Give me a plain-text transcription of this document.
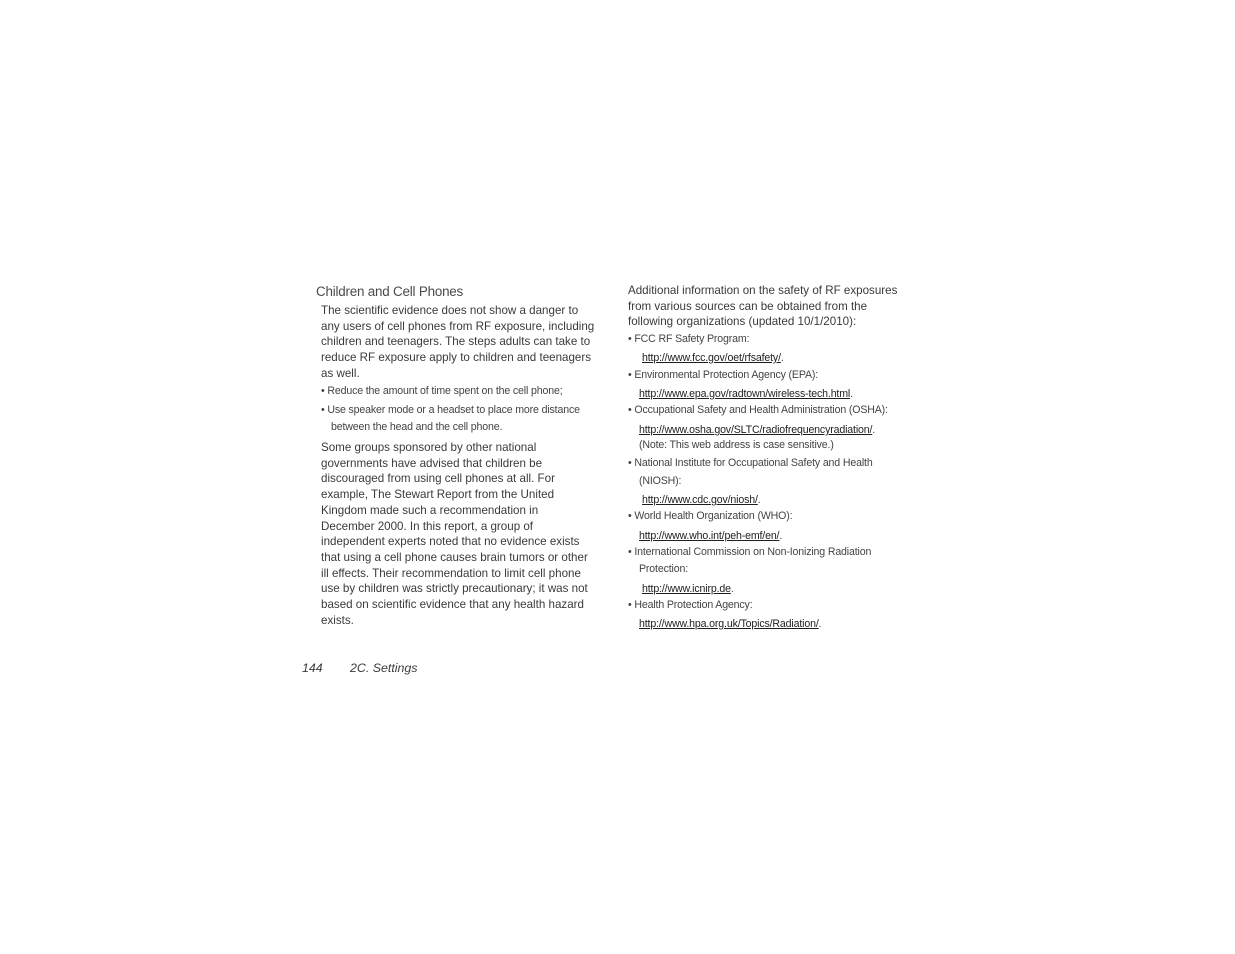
Children and Cell Phones
The scientific evidence does not show a danger to
any users of cell phones from RF exposure, including
children and teenagers. The steps adults can take to
reduce RF exposure apply to children and teenagers
as well.
• Reduce the amount of time spent on the cell phone;
• Use speaker mode or a headset to place more distance
between the head and the cell phone.
Some groups sponsored by other national
governments have advised that children be
discouraged from using cell phones at all. For
example, The Stewart Report from the United
Kingdom made such a recommendation in
December 2000. In this report, a group of
independent experts noted that no evidence exists
that using a cell phone causes brain tumors or other
ill effects. Their recommendation to limit cell phone
use by children was strictly precautionary; it was not
based on scientific evidence that any health hazard
exists.
Additional information on the safety of RF exposures
from various sources can be obtained from the
following organizations (updated 10/1/2010):
• FCC RF Safety Program:
http://www.fcc.gov/oet/rfsafety/.
• Environmental Protection Agency (EPA):
http://www.epa.gov/radtown/wireless-tech.html.
• Occupational Safety and Health Administration (OSHA):
http://www.osha.gov/SLTC/radiofrequencyradiation/.
(Note: This web address is case sensitive.)
• National Institute for Occupational Safety and Health
(NIOSH):
http://www.cdc.gov/niosh/.
• World Health Organization (WHO):
http://www.who.int/peh-emf/en/.
• International Commission on Non-Ionizing Radiation
Protection:
http://www.icnirp.de.
• Health Protection Agency:
http://www.hpa.org.uk/Topics/Radiation/.
144 2C. Settings
